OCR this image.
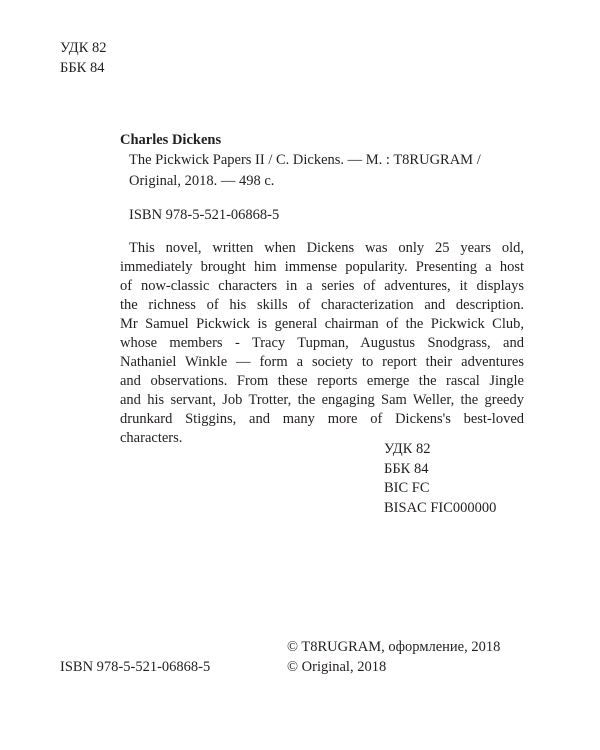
УДК 82
ББК 84
Charles Dickens
The Pickwick Papers II / C. Dickens. — M. : T8RUGRAM /
Original, 2018. — 498 c.
ISBN 978-5-521-06868-5
This novel, written when Dickens was only 25 years old,
immediately brought him immense popularity. Presenting a host
of now-classic characters in a series of adventures, it displays
the richness of his skills of characterization and description.
Mr Samuel Pickwick is general chairman of the Pickwick Club,
whose members - Tracy Tupman, Augustus Snodgrass, and
Nathaniel Winkle — form a society to report their adventures
and observations. From these reports emerge the rascal Jingle
and his servant, Job Trotter, the engaging Sam Weller, the greedy
drunkard Stiggins, and many more of Dickens's best-loved
characters.
УДК 82
ББК 84
BIC FC
BISAC FIC000000
ISBN 978-5-521-06868-5
© T8RUGRAM, оформление, 2018
© Original, 2018
